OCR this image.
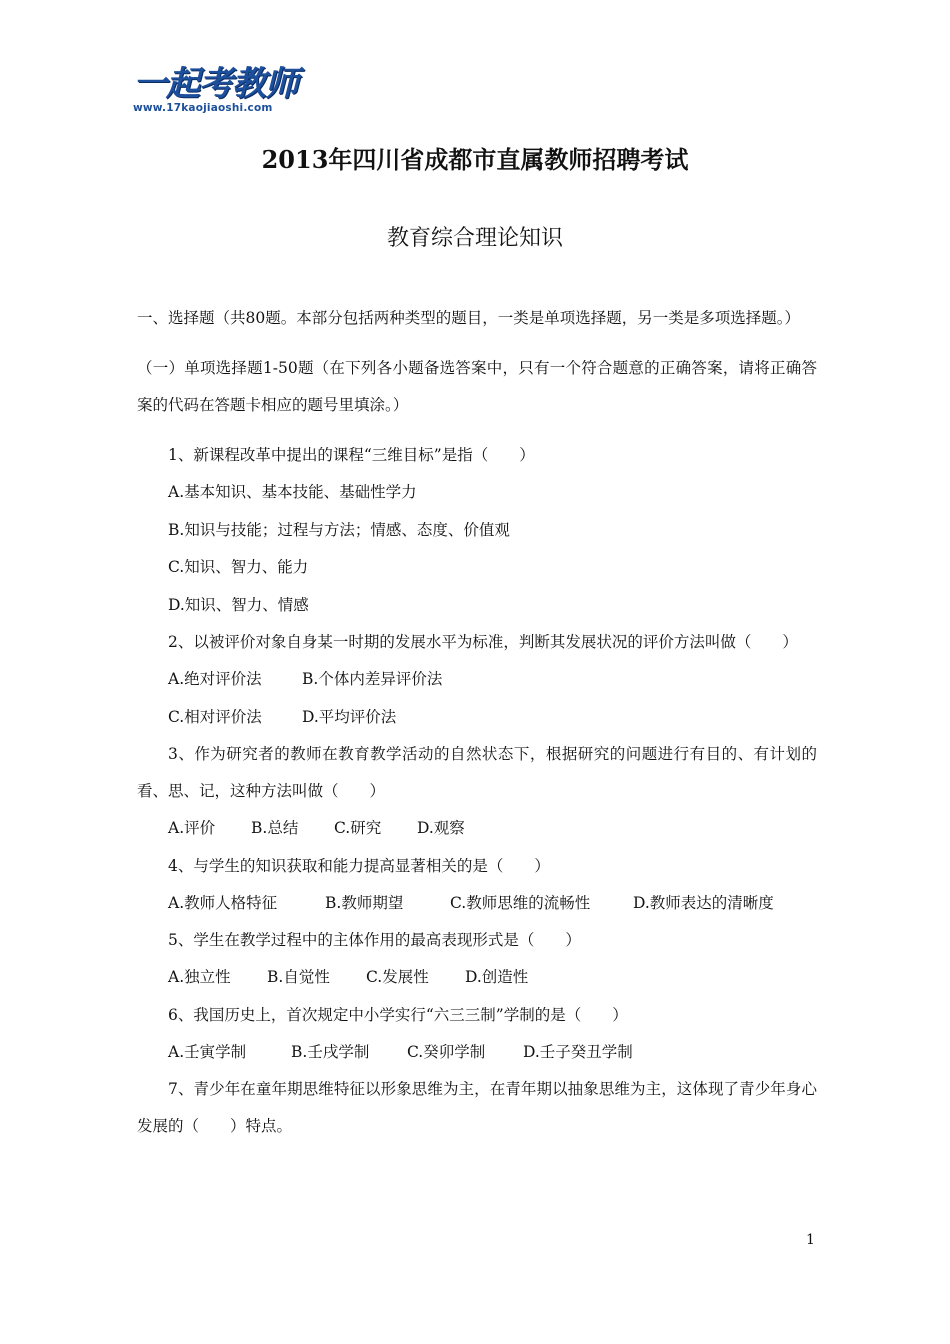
一起考教师
www.17kaojiaoshi.com
2013年四川省成都市直属教师招聘考试
教育综合理论知识
一、选择题（共80题。本部分包括两种类型的题目，一类是单项选择题，另一类是多项选择题。）
（一）单项选择题1-50题（在下列各小题备选答案中，只有一个符合题意的正确答案，请将正确答案的代码在答题卡相应的题号里填涂。）
1、新课程改革中提出的课程“三维目标”是指（　　）
A.基本知识、基本技能、基础性学力
B.知识与技能；过程与方法；情感、态度、价值观
C.知识、智力、能力
D.知识、智力、情感
2、以被评价对象自身某一时期的发展水平为标准，判断其发展状况的评价方法叫做（　　）
A.绝对评价法	B.个体内差异评价法
C.相对评价法	D.平均评价法
3、作为研究者的教师在教育教学活动的自然状态下，根据研究的问题进行有目的、有计划的看、思、记，这种方法叫做（　　）
A.评价 B.总结 C.研究 D.观察
4、与学生的知识获取和能力提高显著相关的是（　　）
A.教师人格特征	B.教师期望	C.教师思维的流畅性	D.教师表达的清晰度
5、学生在教学过程中的主体作用的最高表现形式是（　　）
A.独立性 B.自觉性 C.发展性 D.创造性
6、我国历史上，首次规定中小学实行“六三三制”学制的是（　　）
A.壬寅学制	B.壬戌学制 C.癸卯学制 D.壬子癸丑学制
7、青少年在童年期思维特征以形象思维为主，在青年期以抽象思维为主，这体现了青少年身心发展的（　　）特点。
1
